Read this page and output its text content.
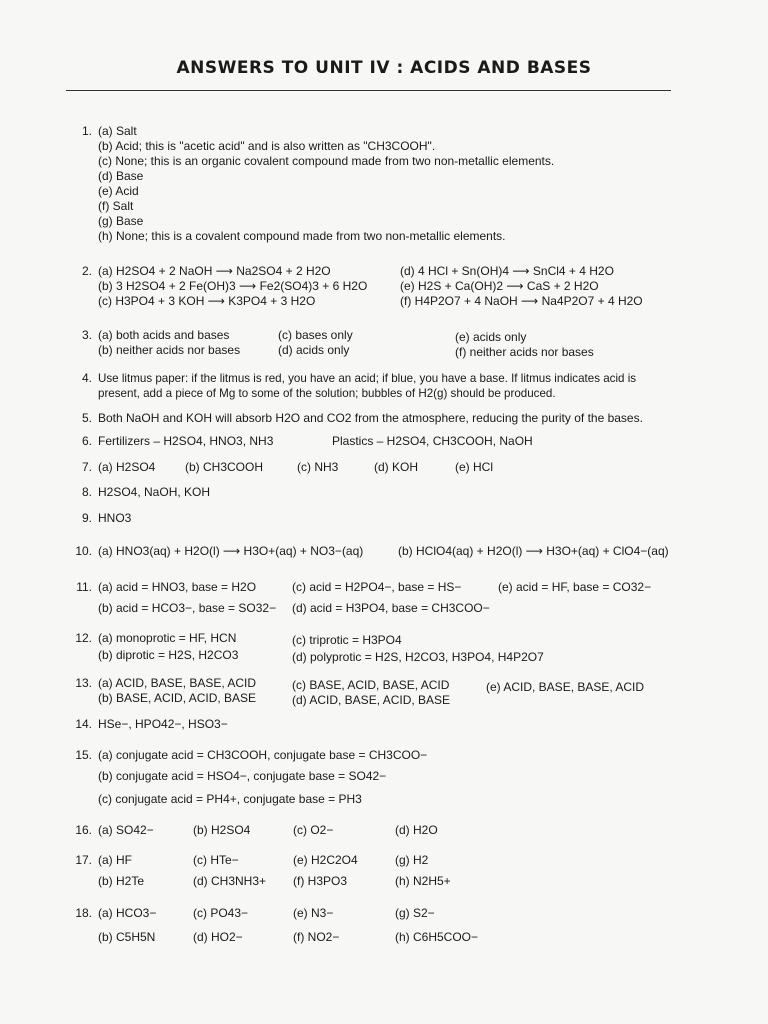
ANSWERS TO UNIT IV : ACIDS AND BASES
1. (a) Salt
(b) Acid; this is "acetic acid" and is also written as "CH3COOH".
(c) None; this is an organic covalent compound made from two non-metallic elements.
(d) Base
(e) Acid
(f) Salt
(g) Base
(h) None; this is a covalent compound made from two non-metallic elements.
2. (a) H2SO4 + 2 NaOH ⟶ Na2SO4 + 2 H2O
(b) 3 H2SO4 + 2 Fe(OH)3 ⟶ Fe2(SO4)3 + 6 H2O
(c) H3PO4 + 3 KOH ⟶ K3PO4 + 3 H2O
(d) 4 HCl + Sn(OH)4 ⟶ SnCl4 + 4 H2O
(e) H2S + Ca(OH)2 ⟶ CaS + 2 H2O
(f) H4P2O7 + 4 NaOH ⟶ Na4P2O7 + 4 H2O
3. (a) both acids and bases
(b) neither acids nor bases
(c) bases only
(d) acids only
(e) acids only
(f) neither acids nor bases
4. Use litmus paper: if the litmus is red, you have an acid; if blue, you have a base. If litmus indicates acid is
present, add a piece of Mg to some of the solution; bubbles of H2(g) should be produced.
5. Both NaOH and KOH will absorb H2O and CO2 from the atmosphere, reducing the purity of the bases.
6. Fertilizers – H2SO4, HNO3, NH3	Plastics – H2SO4, CH3COOH, NaOH
7. (a) H2SO4 (b) CH3COOH	(c) NH3	(d) KOH	(e) HCl
8. H2SO4, NaOH, KOH
9. HNO3
10. (a) HNO3(aq) + H2O(l) ⟶ H3O+(aq) + NO3−(aq)	(b) HClO4(aq) + H2O(l) ⟶ H3O+(aq) + ClO4−(aq)
11. (a) acid = HNO3, base = H2O
(b) acid = HCO3−, base = SO32−
(c) acid = H2PO4−, base = HS−
(d) acid = H3PO4, base = CH3COO−
(e) acid = HF, base = CO32−
12. (a) monoprotic = HF, HCN
(b) diprotic = H2S, H2CO3
(c) triprotic = H3PO4
(d) polyprotic = H2S, H2CO3, H3PO4, H4P2O7
13. (a) ACID, BASE, BASE, ACID
(b) BASE, ACID, ACID, BASE
(c) BASE, ACID, BASE, ACID
(d) ACID, BASE, ACID, BASE
(e) ACID, BASE, BASE, ACID
14. HSe−, HPO42−, HSO3−
15. (a) conjugate acid = CH3COOH, conjugate base = CH3COO−
(b) conjugate acid = HSO4−, conjugate base = SO42−
(c) conjugate acid = PH4+, conjugate base = PH3
16. (a) SO42−	(b) H2SO4	(c) O2−	(d) H2O
17. (a) HF
(b) H2Te
(c) HTe−
(d) CH3NH3+
(e) H2C2O4
(f) H3PO3
(g) H2
(h) N2H5+
18. (a) HCO3−
(b) C5H5N
(c) PO43−
(d) HO2−
(e) N3−
(f) NO2−
(g) S2−
(h) C6H5COO−
